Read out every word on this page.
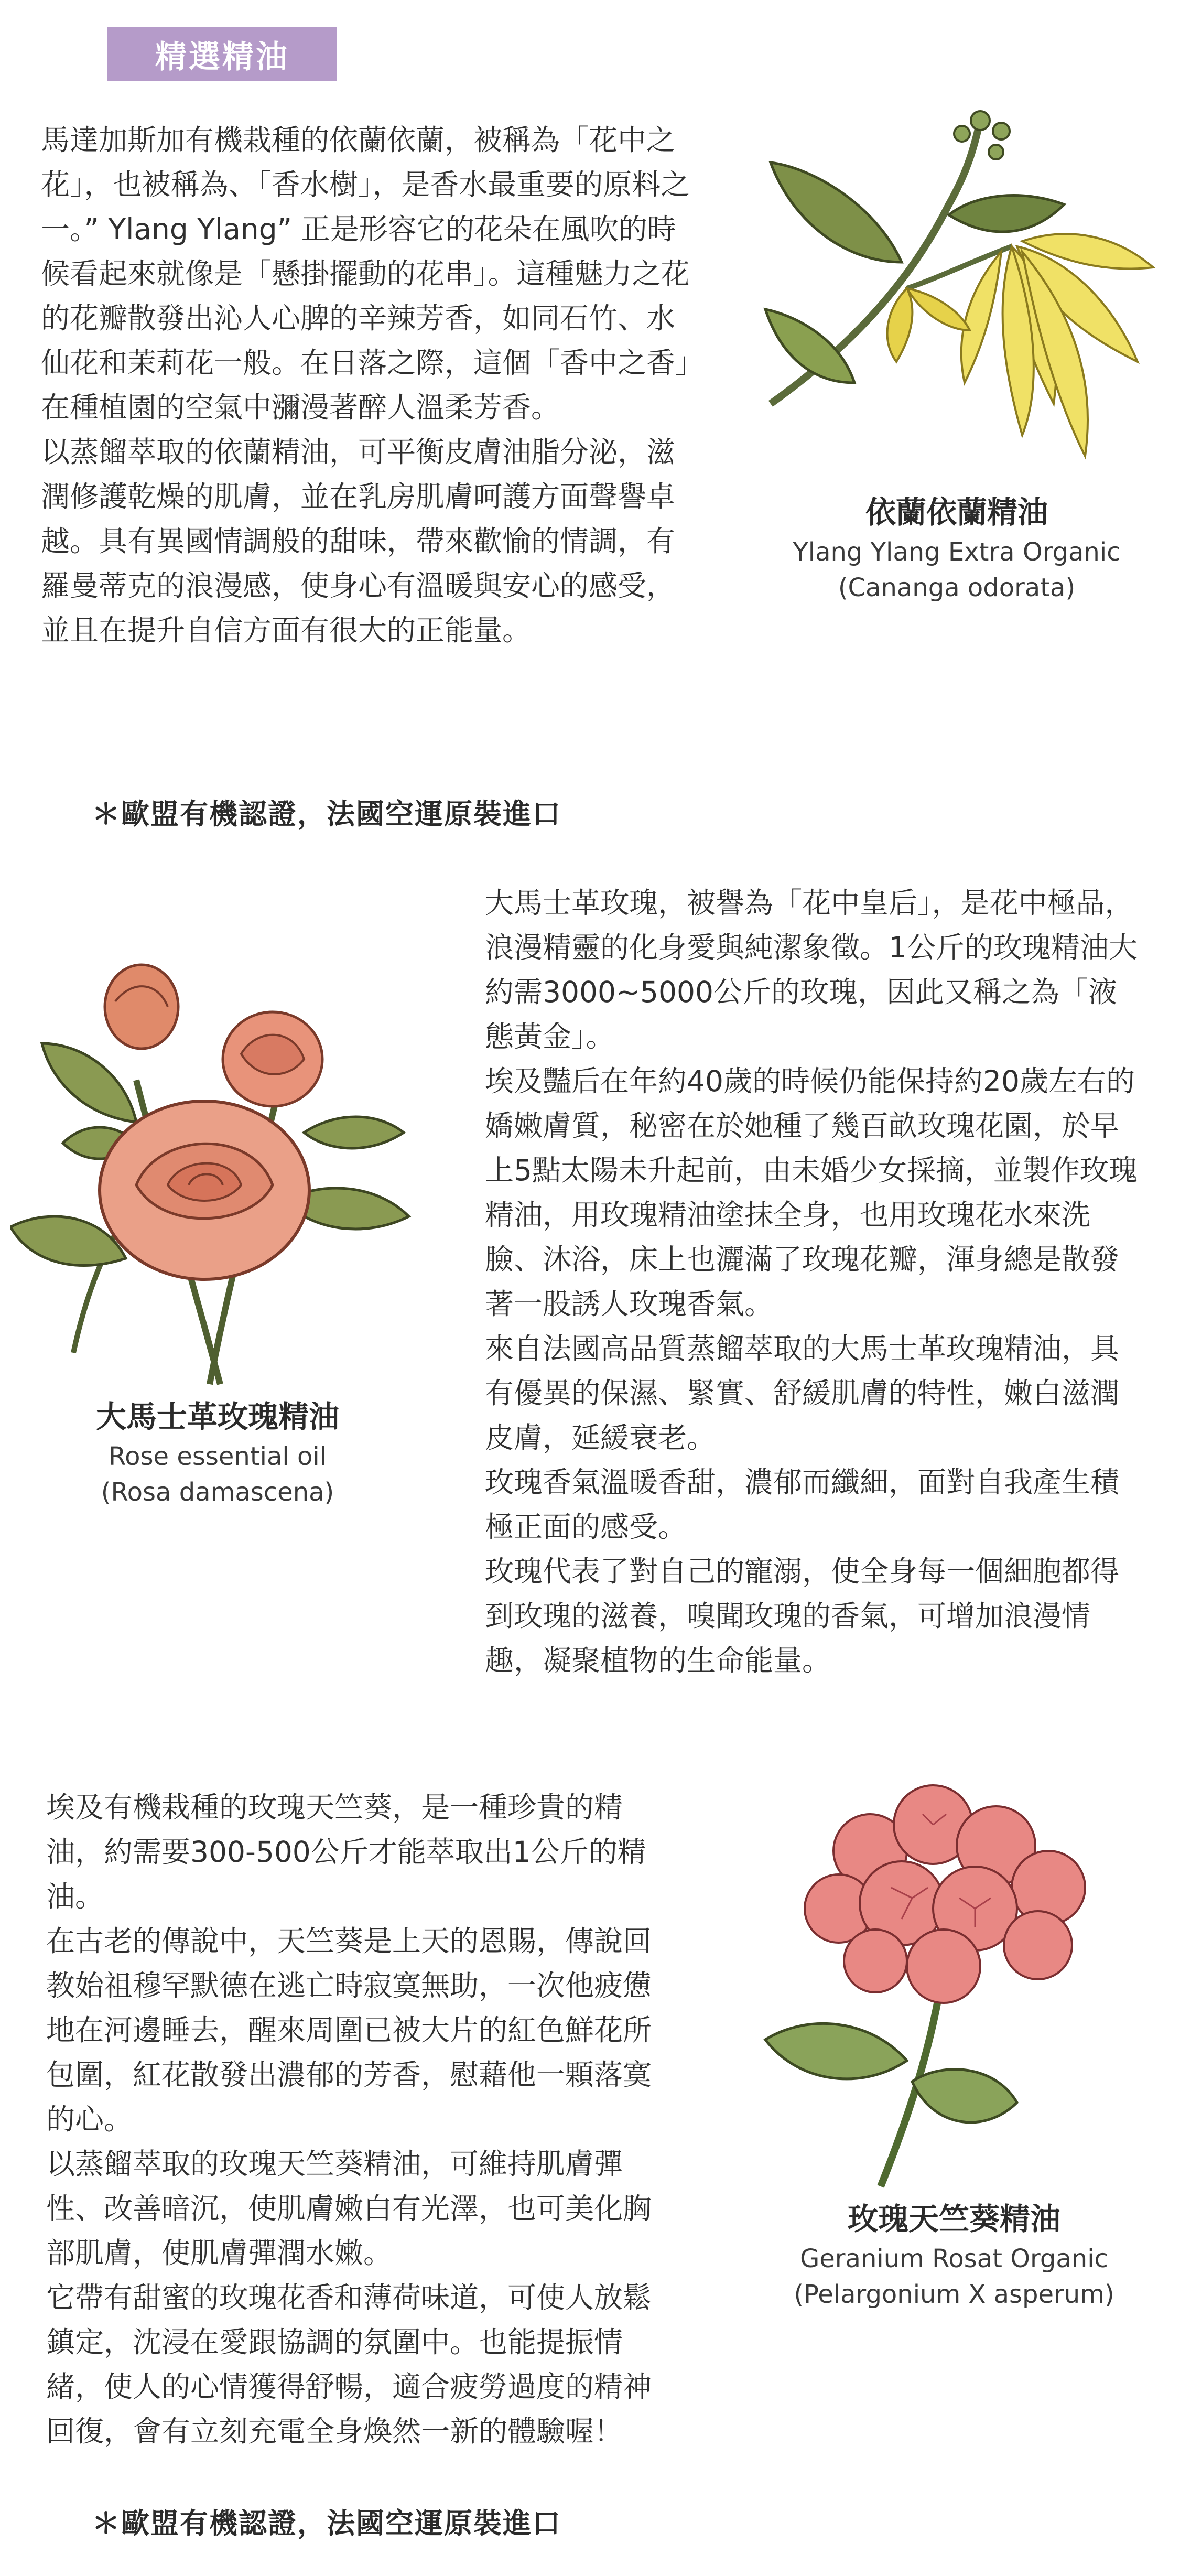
精選精油

馬達加斯加有機栽種的依蘭依蘭，被稱為「花中之花」，也被稱為、「香水樹」，是香水最重要的原料之一。” Ylang Ylang” 正是形容它的花朵在風吹的時候看起來就像是「懸掛擺動的花串」。這種魅力之花的花瓣散發出沁人心脾的辛辣芳香，如同石竹、水仙花和茉莉花一般。在日落之際，這個「香中之香」在種植園的空氣中瀰漫著醉人溫柔芳香。

以蒸餾萃取的依蘭精油，可平衡皮膚油脂分泌，滋潤修護乾燥的肌膚，並在乳房肌膚呵護方面聲譽卓越。具有異國情調般的甜味，帶來歡愉的情調，有羅曼蒂克的浪漫感，使身心有溫暖與安心的感受，並且在提升自信方面有很大的正能量。

＊歐盟有機認證，法國空運原裝進口
依蘭依蘭精油
Ylang Ylang Extra Organic
(Cananga odorata)
大馬士革玫瑰精油
Rose essential oil
(Rosa damascena)

大馬士革玫瑰，被譽為「花中皇后」，是花中極品，浪漫精靈的化身愛與純潔象徵。1公斤的玫瑰精油大約需3000~5000公斤的玫瑰，因此又稱之為「液態黃金」。

埃及豔后在年約40歲的時候仍能保持約20歲左右的嬌嫩膚質，秘密在於她種了幾百畝玫瑰花園，於早上5點太陽未升起前，由未婚少女採摘，並製作玫瑰精油，用玫瑰精油塗抹全身，也用玫瑰花水來洗臉、沐浴，床上也灑滿了玫瑰花瓣，渾身總是散發著一股誘人玫瑰香氣。

來自法國高品質蒸餾萃取的大馬士革玫瑰精油，具有優異的保濕、緊實、舒緩肌膚的特性，嫩白滋潤皮膚，延緩衰老。

玫瑰香氣溫暖香甜，濃郁而纖細，面對自我產生積極正面的感受。

玫瑰代表了對自己的寵溺，使全身每一個細胞都得到玫瑰的滋養，嗅聞玫瑰的香氣，可增加浪漫情趣，凝聚植物的生命能量。

埃及有機栽種的玫瑰天竺葵，是一種珍貴的精油，約需要300-500公斤才能萃取出1公斤的精油。

在古老的傳說中，天竺葵是上天的恩賜，傳說回教始祖穆罕默德在逃亡時寂寞無助，一次他疲憊地在河邊睡去，醒來周圍已被大片的紅色鮮花所包圍，紅花散發出濃郁的芳香，慰藉他一顆落寞的心。

以蒸餾萃取的玫瑰天竺葵精油，可維持肌膚彈性、改善暗沉，使肌膚嫩白有光澤，也可美化胸部肌膚，使肌膚彈潤水嫩。

它帶有甜蜜的玫瑰花香和薄荷味道，可使人放鬆鎮定，沈浸在愛跟協調的氛圍中。也能提振情緒，使人的心情獲得舒暢，適合疲勞過度的精神回復，會有立刻充電全身煥然一新的體驗喔！

＊歐盟有機認證，法國空運原裝進口
玫瑰天竺葵精油
Geranium Rosat Organic
(Pelargonium X asperum)
